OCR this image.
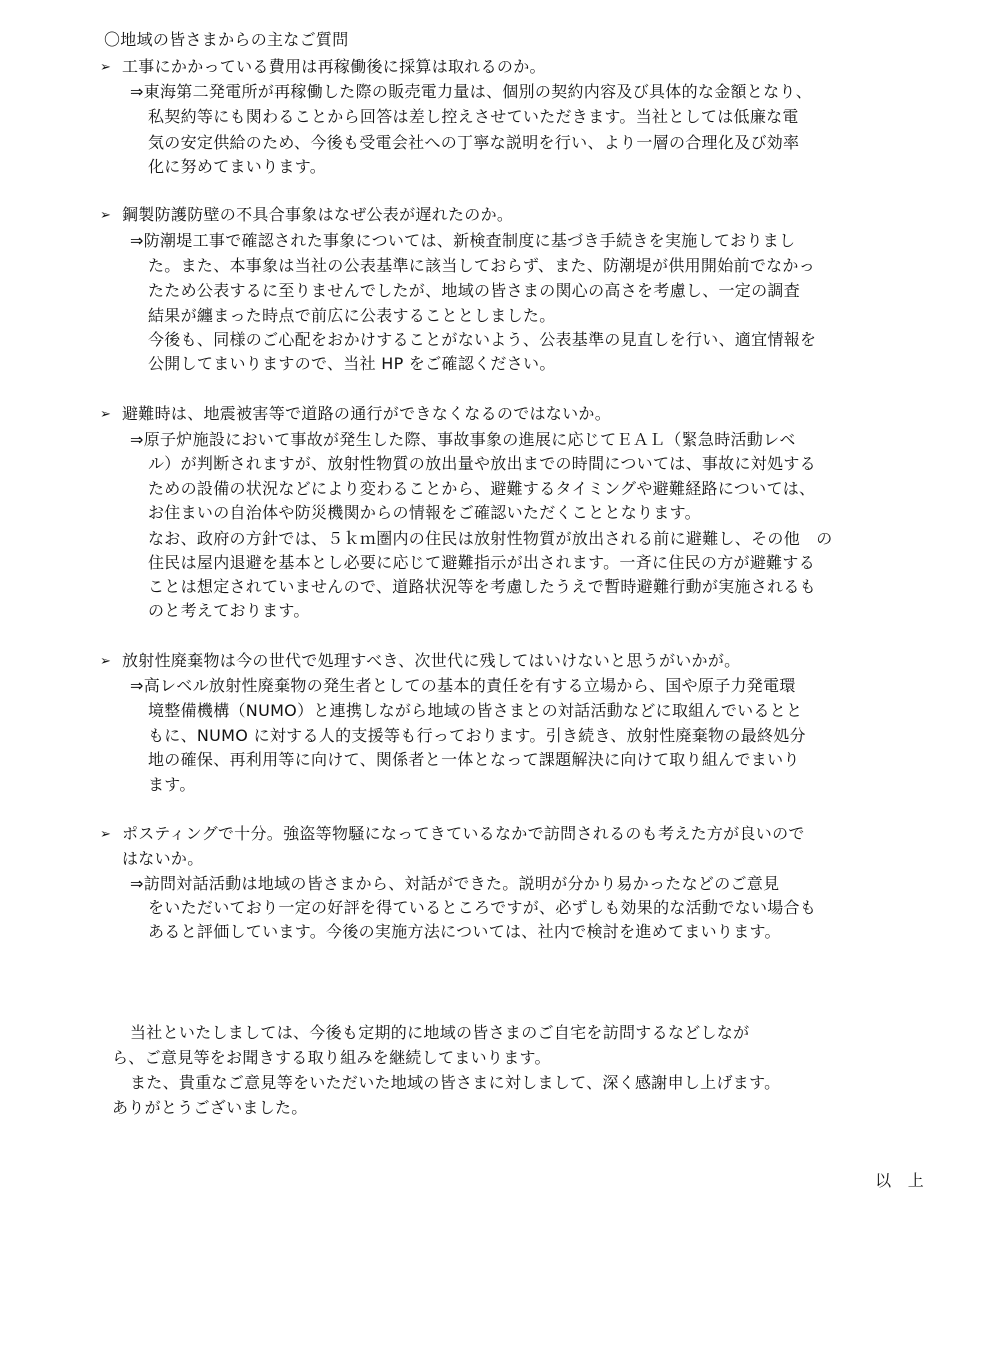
〇地域の皆さまからの主なご質問
➢ 工事にかかっている費用は再稼働後に採算は取れるのか。
⇒東海第二発電所が再稼働した際の販売電力量は、個別の契約内容及び具体的な金額となり、
私契約等にも関わることから回答は差し控えさせていただきます。当社としては低廉な電
気の安定供給のため、今後も受電会社への丁寧な説明を行い、より一層の合理化及び効率
化に努めてまいります。
➢ 鋼製防護防壁の不具合事象はなぜ公表が遅れたのか。
⇒防潮堤工事で確認された事象については、新検査制度に基づき手続きを実施しておりまし
た。また、本事象は当社の公表基準に該当しておらず、また、防潮堤が供用開始前でなかっ
たため公表するに至りませんでしたが、地域の皆さまの関心の高さを考慮し、一定の調査
結果が纏まった時点で前広に公表することとしました。
今後も、同様のご心配をおかけすることがないよう、公表基準の見直しを行い、適宜情報を
公開してまいりますので、当社 HP をご確認ください。
➢ 避難時は、地震被害等で道路の通行ができなくなるのではないか。
⇒原子炉施設において事故が発生した際、事故事象の進展に応じてＥＡＬ（緊急時活動レベ
ル）が判断されますが、放射性物質の放出量や放出までの時間については、事故に対処する
ための設備の状況などにより変わることから、避難するタイミングや避難経路については、
お住まいの自治体や防災機関からの情報をご確認いただくこととなります。
なお、政府の方針では、５ｋｍ圏内の住民は放射性物質が放出される前に避難し、その他　の
住民は屋内退避を基本とし必要に応じて避難指示が出されます。一斉に住民の方が避難する
ことは想定されていませんので、道路状況等を考慮したうえで暫時避難行動が実施されるも
のと考えております。
➢ 放射性廃棄物は今の世代で処理すべき、次世代に残してはいけないと思うがいかが。
⇒高レベル放射性廃棄物の発生者としての基本的責任を有する立場から、国や原子力発電環
境整備機構（NUMO）と連携しながら地域の皆さまとの対話活動などに取組んでいるとと
もに、NUMO に対する人的支援等も行っております。引き続き、放射性廃棄物の最終処分
地の確保、再利用等に向けて、関係者と一体となって課題解決に向けて取り組んでまいり
ます。
➢ ポスティングで十分。強盗等物騒になってきているなかで訪問されるのも考えた方が良いので
はないか。
⇒訪問対話活動は地域の皆さまから、対話ができた。説明が分かり易かったなどのご意見
をいただいており一定の好評を得ているところですが、必ずしも効果的な活動でない場合も
あると評価しています。今後の実施方法については、社内で検討を進めてまいります。
当社といたしましては、今後も定期的に地域の皆さまのご自宅を訪問するなどしなが
ら、ご意見等をお聞きする取り組みを継続してまいります。
また、貴重なご意見等をいただいた地域の皆さまに対しまして、深く感謝申し上げます。
ありがとうございました。
以　上
